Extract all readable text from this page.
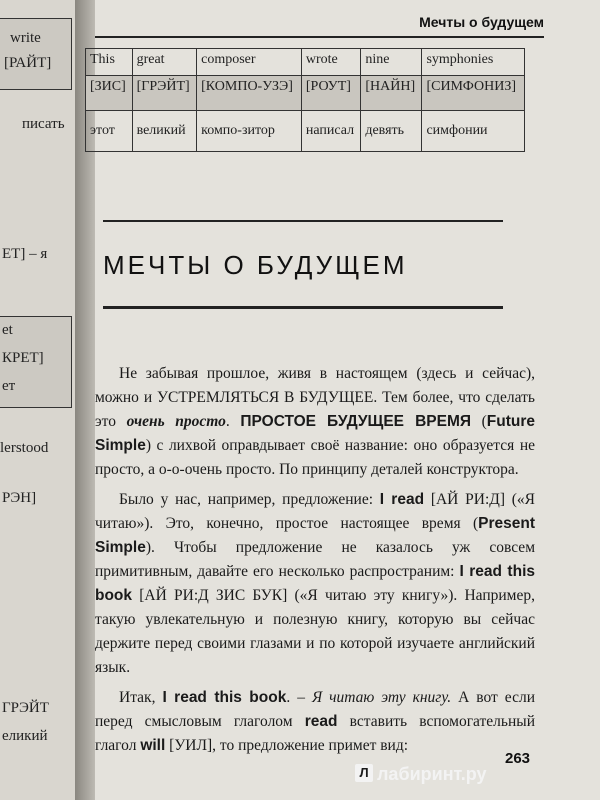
write
[РАЙТ]
писать
ЕТ] – я
et
КРЕТ]
ет
lerstood
РЭН]
ГРЭЙТ
еликий
Мечты о будущем
This	great	composer	wrote	nine	symphonies
[ЗИС]	[ГРЭЙТ]	[КОМПО-УЗЭ]	[РОУТ]	[НАЙН]	[СИМФОНИЗ]
этот	великий	компо-зитор	написал	девять	симфонии
МЕЧТЫ О БУДУЩЕМ

Не забывая прошлое, живя в настоящем (здесь и сейчас), можно и УСТРЕМЛЯТЬСЯ В БУДУЩЕЕ. Тем более, что сделать это очень просто. ПРОСТОЕ БУДУЩЕЕ ВРЕМЯ (Future Simple) с лихвой оправдывает своё название: оно образуется не просто, а о-о-очень просто. По принципу деталей конструктора.

Было у нас, например, предложение: I read [АЙ РИ:Д] («Я читаю»). Это, конечно, простое настоящее время (Present Simple). Чтобы предложение не казалось уж совсем примитивным, давайте его несколько распространим: I read this book [АЙ РИ:Д ЗИС БУК] («Я читаю эту книгу»). Например, такую увлекательную и полезную книгу, которую вы сейчас держите перед своими глазами и по которой изучаете английский язык.

Итак, I read this book. – Я читаю эту книгу. А вот если перед смысловым глаголом read вставить вспомогательный глагол will [УИЛ], то предложение примет вид:

263
Л лабиринт.ру
